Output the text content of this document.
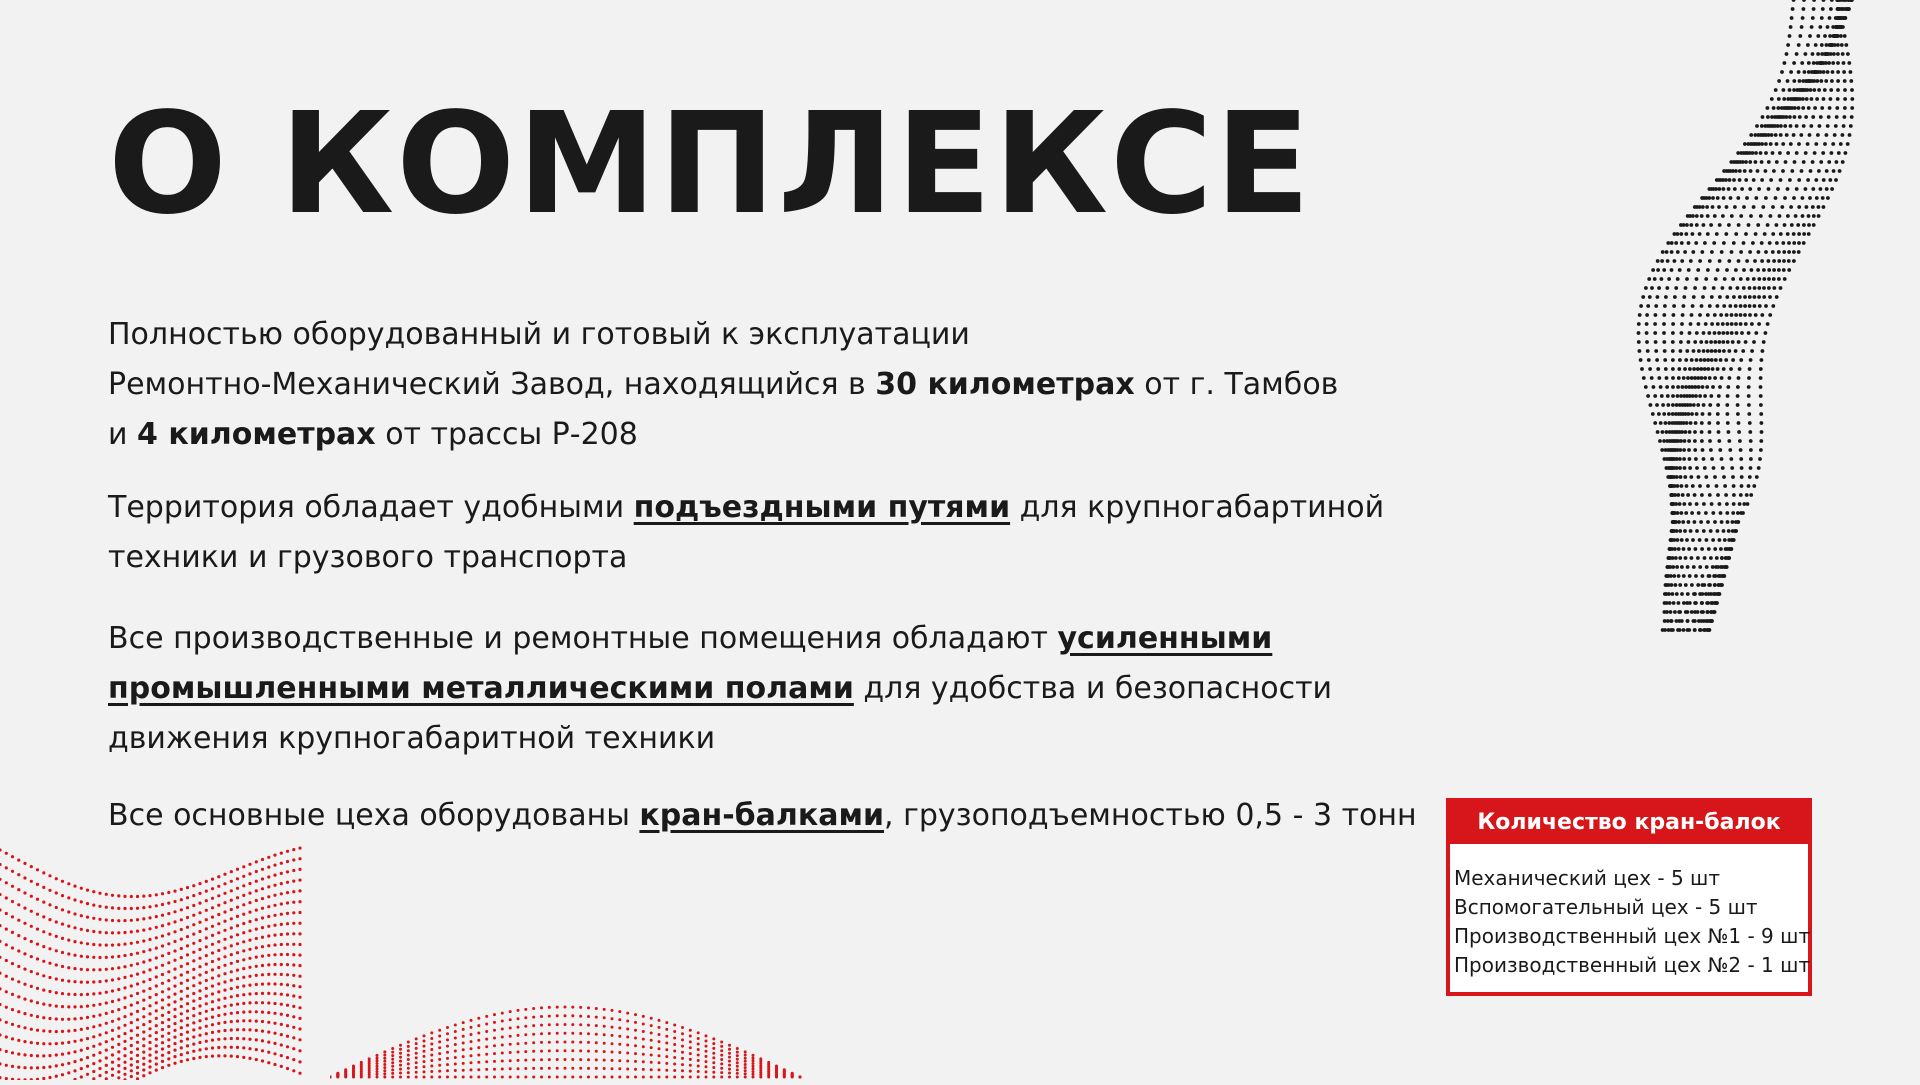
О КОМПЛЕКСЕ

Полностью оборудованный и готовый к эксплуатации
Ремонтно-Механический Завод, находящийся в 30 километрах от г. Тамбов
и 4 километрах от трассы Р-208

Территория обладает удобными подъездными путями для крупногабартиной техники и грузового транспорта

Все производственные и ремонтные помещения обладают усиленными промышленными металлическими полами для удобства и безопасности движения крупногабаритной техники

Все основные цеха оборудованы кран-балками, грузоподъемностью 0,5 - 3 тонн	Количество кран-балок
Механический цех - 5 шт
Вспомогательный цех - 5 шт
Производственный цех №1 - 9 шт
Производственный цех №2 - 1 шт
